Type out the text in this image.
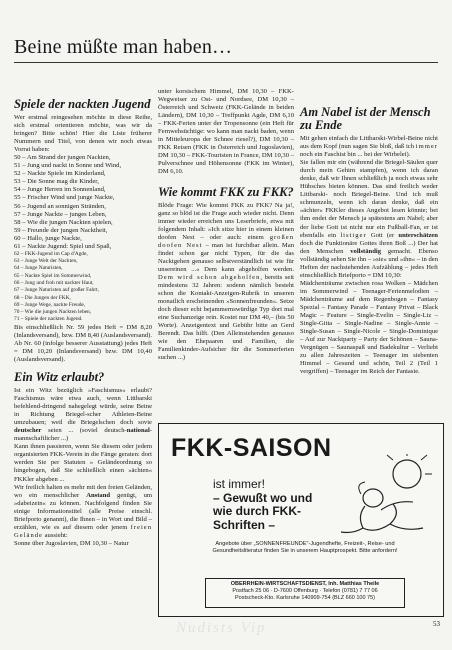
Beine müßte man haben…
Spiele der nackten Jugend

Wer erstmal reingesehen möchte in diese Reihe, sich erstmal orientieren möchte, was wir da bringen? Bitte schön! Hier die Liste früherer Nummern und Titel, von denen wir noch etwas Vorrat haben:

50 – Am Strand der jungen Nackten,
51 – Jung und nackt in Sonne und Wind,
52 – Nackte Spiele im Kinderland,
53 – Die Sonne mag die Kinder,
54 – Junge Herren im Sonnenland,
55 – Frischer Wind und junge Nackte,
56 – Jugend an sonnigen Stränden,
57 – Junge Nackte – junges Leben,
58 – Wie die jungen Nackten spielen,
59 – Freunde der jungen Nacktheit,
60 – Hallo, junge Nackte,
61 – Nackte Jugend: Spiel und Spaß,
62 – FKK-Jugend im Cap d'Agde,
63 – Junge Welt der Nackten,
64 – Junge Naturisten,
65 – Nackte Spiel im Sommerwind,
66 – Jung und froh mit nackter Haut,
67 – Junge Naturisten auf großer Fahrt,
68 – Die Jungen der FKK,
69 – Junge Wege, nackte Freude,
70 – Wie die jungen Nackten leben,
71 – Spiele der nackten Jugend.

Bis einschließlich Nr. 59 jedes Heft = DM 8,20 (Inlandsversand), bzw. DM 8,40 (Auslandsversand). Ab Nr. 60 (infolge besserer Ausstattung) jedes Heft = DM 10,20 (Inlandsversand) bzw. DM 10,40 (Auslandsversand).

Ein Witz erlaubt?

Ist ein Witz bezüglich »Faschismus« erlaubt? Faschismus wäre etwa auch, wenn Littbarski befehlend-dringend nahegelegt würde, seine Beine in Richtung Briegel-scher Athleten-Beine umzubauen; weil die Briegelschen doch sovie deutscher seien ... (soviel deutsch-national-mannschaftlicher ...)

Kann ihnen passieren, wenn Sie diesem oder jedem organisierten FKK-Verein in die Fänge geraten: dort werden Sie per Statuten » Geländeordnung so hingebogen, daß Sie schließlich einen »ächten« FKKler abgeben ...

Wir freilich halten es mehr mit den freien Geländen, wo ein menschlicher Anstand genügt, um »dabeizein« zu können. Nachfolgend finden Sie einige Informationstitel (alle Preise einschl. Briefporto genannt), die Ihnen – in Wort und Bild – erzählen, wie es auf diesem oder jenem freien Gelände aussieht:

Sonne über Jugoslavien, DM 10,30 – Natur

unter korsischem Himmel, DM 10,30 – FKK-Wegweiser zu Ost- und Nordsee, DM 10,30 – Österreich und Schweiz (FKK-Gelände in beiden Ländern), DM 10,30 – Treffpunkt Agde, DM 6,10 – FKK-Ferien unter der Tropensonne (ein Heft für Fernwehsüchtige: wo kann man nackt baden, wenn in Mitteleuropa der Schnee riesel?), DM 10,30 – FKK Reisen (FKK in Österreich und Jugoslavien), DM 10,30 – FKK-Touristen in France, DM 10,30 – Pulverschnee und Höhensonne (FKK im Winter), DM 6,10.

Wie kommt FKK zu FKK?

Blöde Frage: Wie kommt FKK zu FKK? Na ja!, ganz so blöd ist die Frage auch wieder nicht. Denn immer wieder erreichen uns Leserbriefe, etwa mit folgendem Inhalt: »Ich sitze hier in einem kleinen doofen Nest – oder auch: einem großen doofen Nest – man ist furchtbar allein. Man findet schon gar nicht Typen, für die das Nacktgehen genauso selbstverständlich ist wie für unsereinen ...« Dem kann abgeholfen werden. Dem wird schon abgeholfen, bereits seit mindestens 32 Jahren: sodenn nämlich besteht schon die Kontakt-Anzeigen-Rubrik in unseren monatlich erscheinenden »Sonnenfreunden«. Setze doch dieser echt bejammernswürdige Typ dort mal eine Suchanzeige rein. Kostet nur DM 40,– (bis 50 Worte). Anzeigentext und Gebühr bitte an Gerd Berendt. Das hilft. (Den Alleinstehenden genauso wie den Ehepaaren und Familien, die Familienkinder-Aufsicher für die Sommerferien suchen ...)

Am Nabel ist der Mensch zu Ende

Mit gehen einfach die Littbarski-Wirbel-Beine nicht aus dem Kopf (nun sagen Sie bloß, daß ich immer noch ein Faschist bin ... bei der Wirbelei).

Sie fallen mir ein (während die Briegel-Säulen quer durch mein Gehirn stampfen), wenn ich daran denke, daß wir Ihnen schließlich ja noch etwas sehr Hübsches bieten können. Das sind freilich weder Littbarski- noch Briegel-Beine. Und ich muß schmunzeln, wenn ich daran denke, daß ein »ächter« FKKler dieses Angebot lesen könnte; bei ihm endet der Mensch ja spätestens am Nabel; aber der liebe Gott ist nicht nur ein Fußball-Fan, er ist ebenfalls ein listiger Gott (er unterschätzen doch die Funktionäre Gottes ihren Boß ...) Der hat den Menschen vollständig gemacht. Ebenso vollständig sehen Sie ihn – »sie« und »ihn« – in den Heften der nachstehenden Aufzählung – jedes Heft einschließlich Briefporto = DM 10,30:

Mädchenträume zwischen rosa Wolken – Mädchen im Sommerwind – Teenager-Ferienmelodien – Mädchenträume auf dem Regenbogen – Fantasy Spezial – Fantasy Parade – Fantasy Privat – Black Magic – Feature – Single-Evelin – Single-Liz – Single-Gitta – Single-Nadine – Single-Annie – Single-Susan – Single-Nicole – Single-Dominique – Auf zur Nacktparty – Party der Schönen – Sauna-Vergnügen – Saunaspaß und Badekultur – Verliebt zu allen Jahreszeiten – Teenager im siebenten Himmel – Gesund und schön, Teil 2 (Teil 1 vergriffen) – Teenager im Reich der Fantasie.

FKK-SAISON
ist immer!
– Gewußt wo und wie durch FKK-Schriften –
Angebote über „SONNENFREUNDE"-Jugendhefte, Freizeit-, Reise- und Gesundheitsliteratur finden Sie in unserem Hauptprospekt. Bitte anfordern!
OBERRHEIN-WIRTSCHAFTSDIENST, Inh. Matthias Theile
Postfach 25 06 · D-7600 Offenburg · Telefon (0781) 7 77 06
Postscheck-Kto. Karlsruhe 140909-754 (BLZ 660 100 75)
Nudists Vip	53
